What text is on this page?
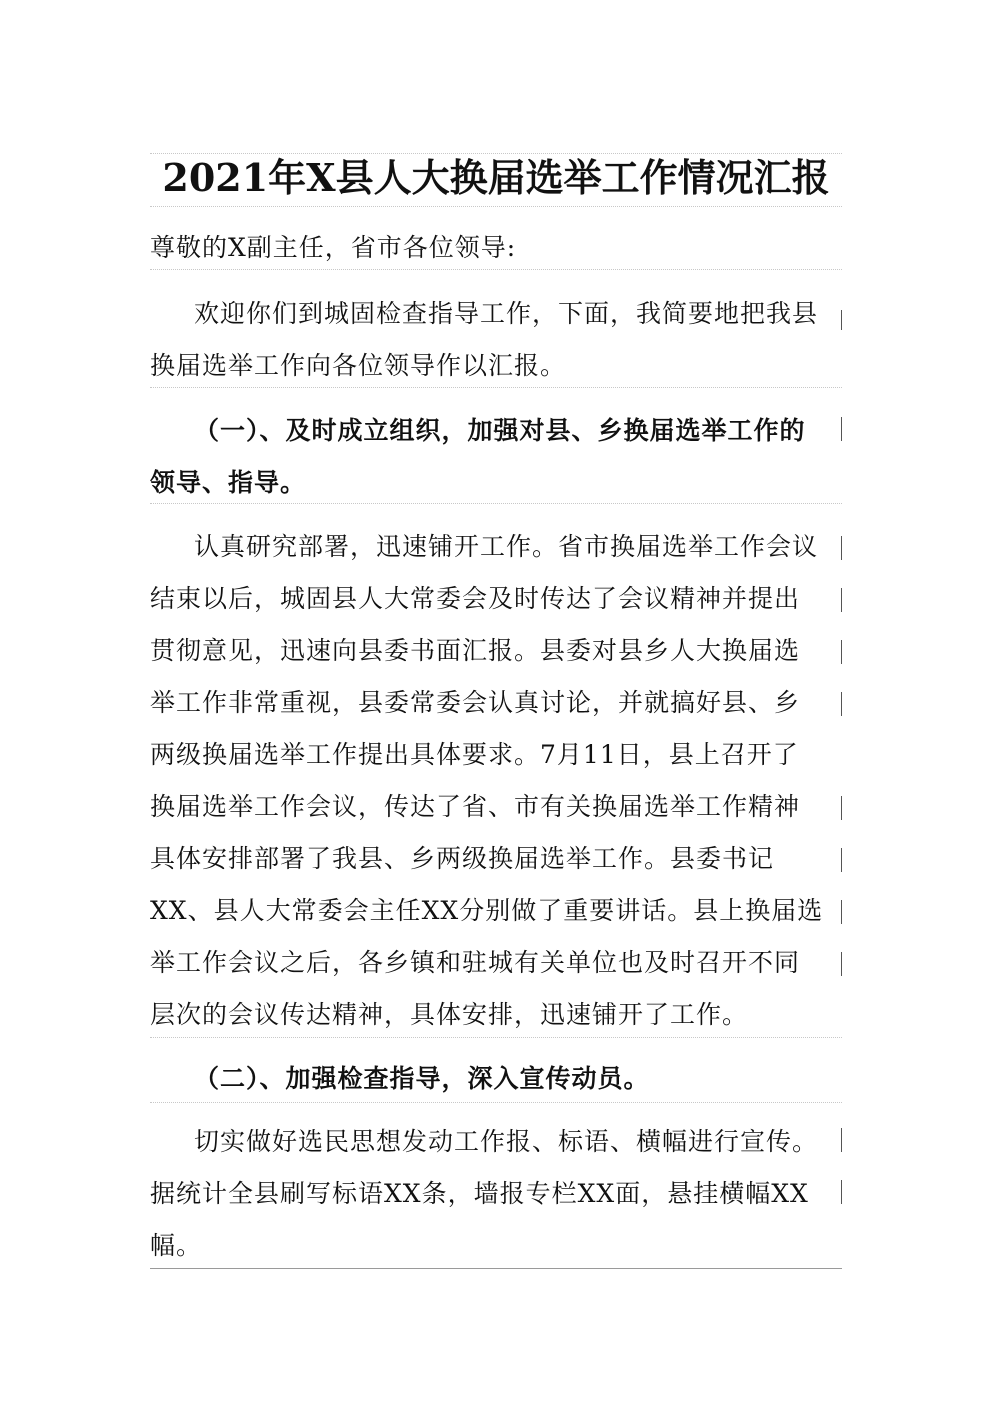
2021年X县人大换届选举工作情况汇报
尊敬的X副主任，省市各位领导:
欢迎你们到城固检查指导工作，下面，我简要地把我县
换届选举工作向各位领导作以汇报。
（一）、及时成立组织，加强对县、乡换届选举工作的
领导、指导。
认真研究部署，迅速铺开工作。省市换届选举工作会议
结束以后，城固县人大常委会及时传达了会议精神并提出
贯彻意见，迅速向县委书面汇报。县委对县乡人大换届选
举工作非常重视，县委常委会认真讨论，并就搞好县、乡
两级换届选举工作提出具体要求。7月11日，县上召开了
换届选举工作会议，传达了省、市有关换届选举工作精神
具体安排部署了我县、乡两级换届选举工作。县委书记
XX、县人大常委会主任XX分别做了重要讲话。县上换届选
举工作会议之后，各乡镇和驻城有关单位也及时召开不同
层次的会议传达精神，具体安排，迅速铺开了工作。
（二）、加强检查指导，深入宣传动员。
切实做好选民思想发动工作报、标语、横幅进行宣传。
据统计全县刷写标语XX条，墙报专栏XX面，悬挂横幅XX
幅。
